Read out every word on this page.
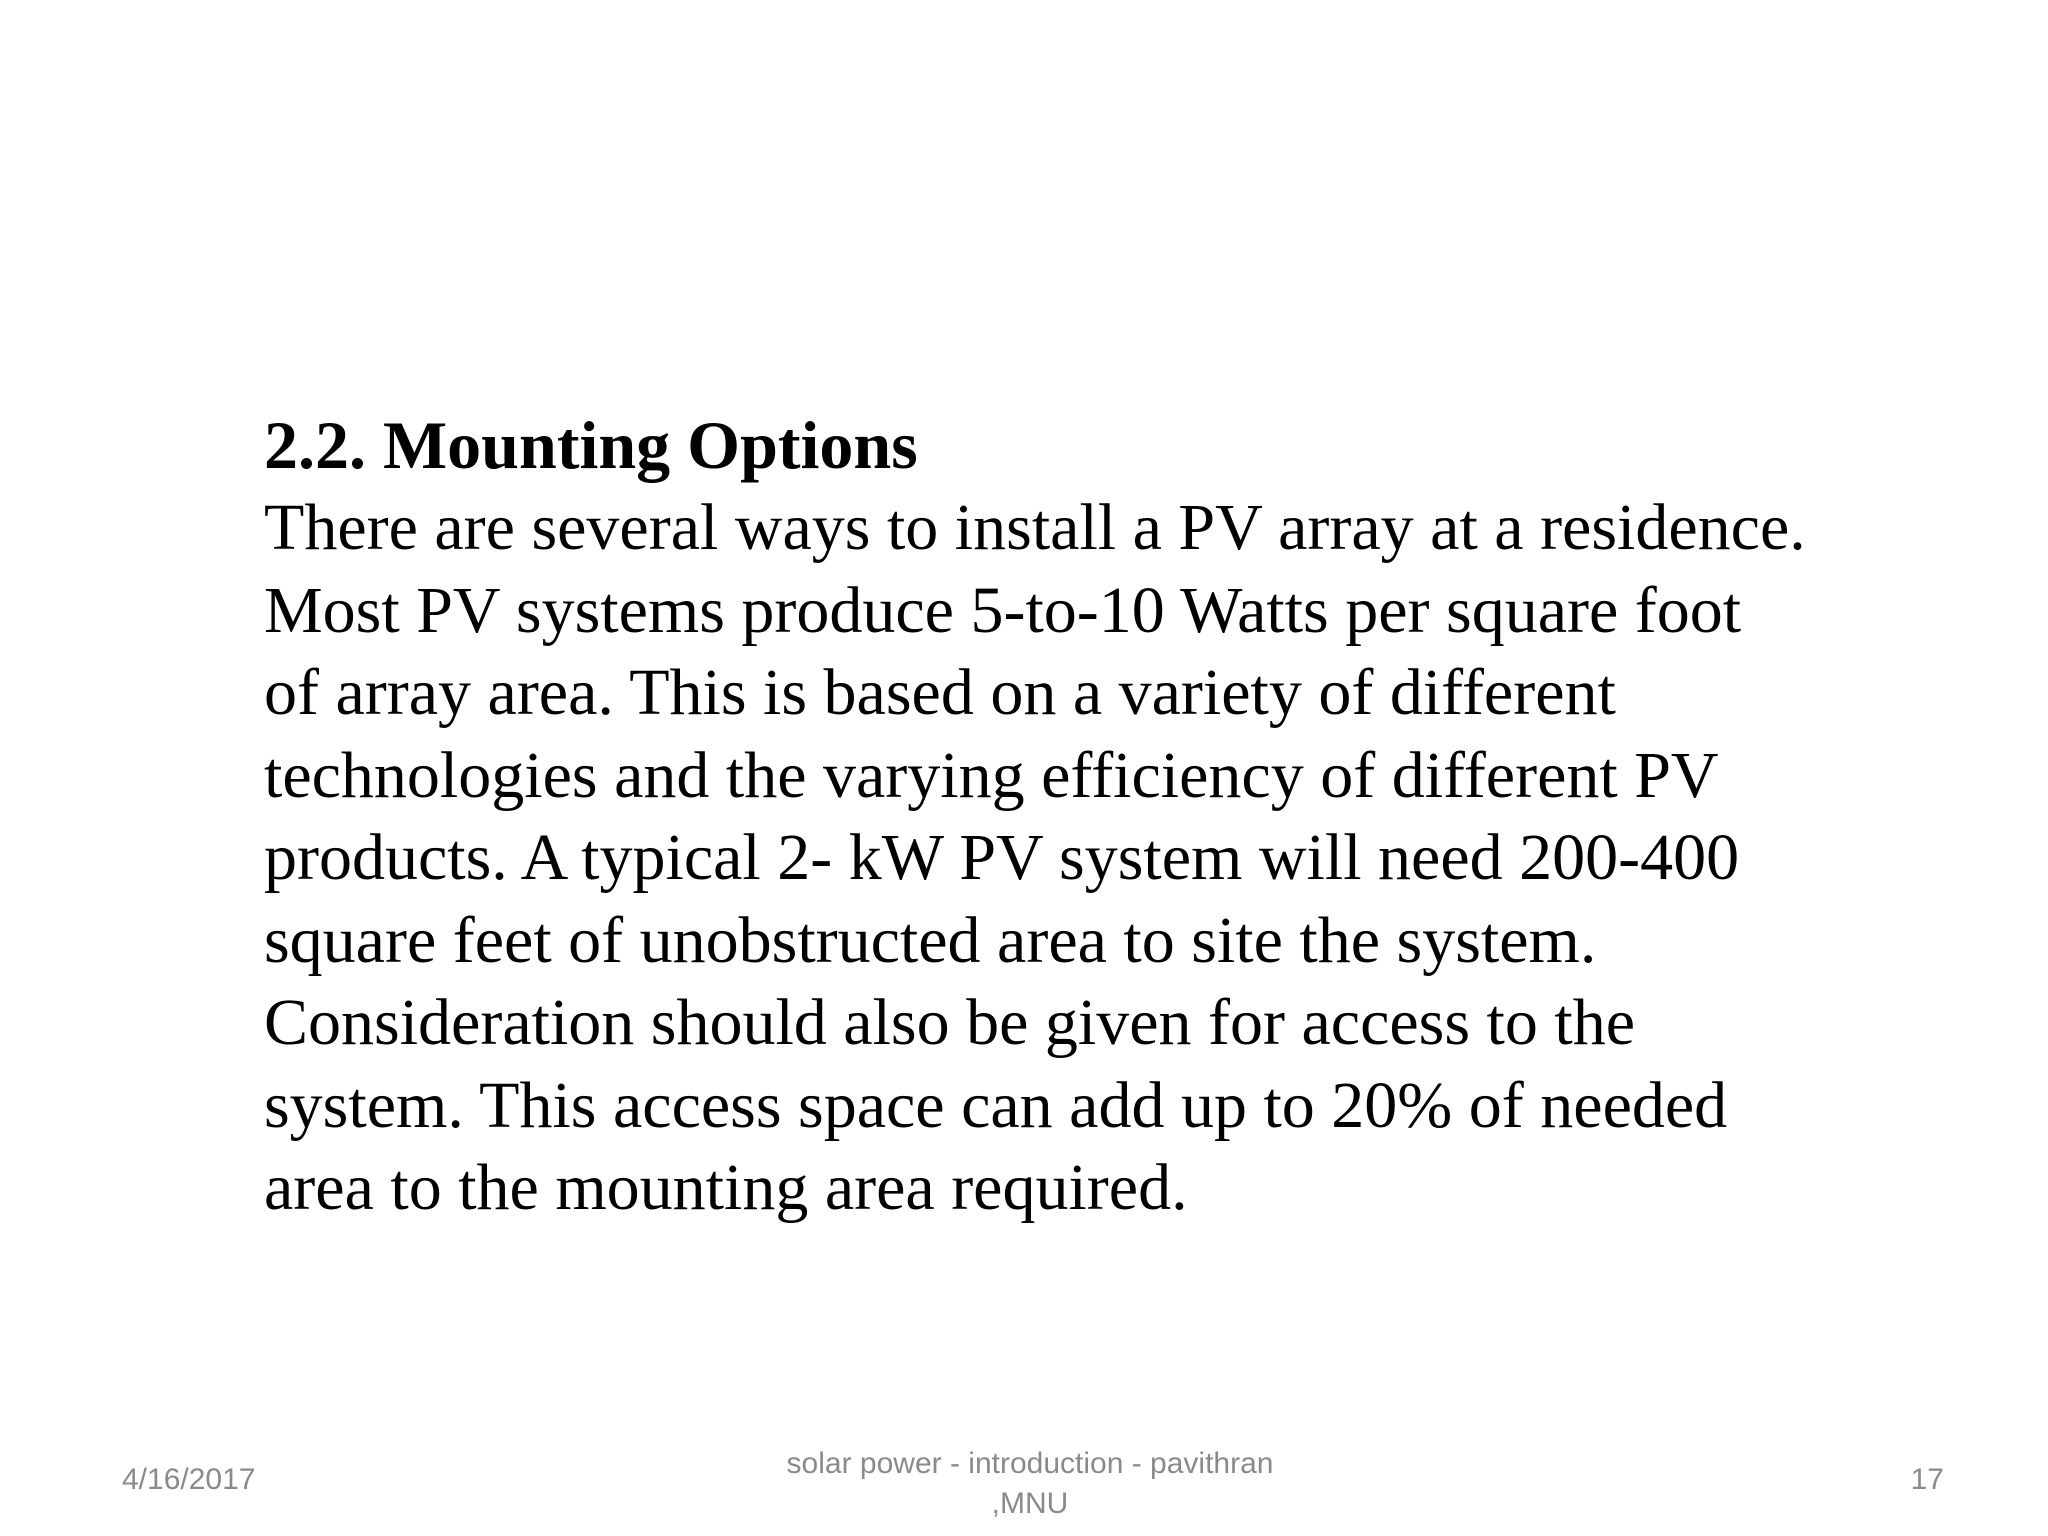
2.2. Mounting Options
There are several ways to install a PV array at a residence.
Most PV systems produce 5-to-10 Watts per square foot
of array area. This is based on a variety of different
technologies and the varying efficiency of different PV
products. A typical 2- kW PV system will need 200-400
square feet of unobstructed area to site the system.
Consideration should also be given for access to the
system. This access space can add up to 20% of needed
area to the mounting area required.
4/16/2017	solar power - introduction - pavithran
,MNU
17
